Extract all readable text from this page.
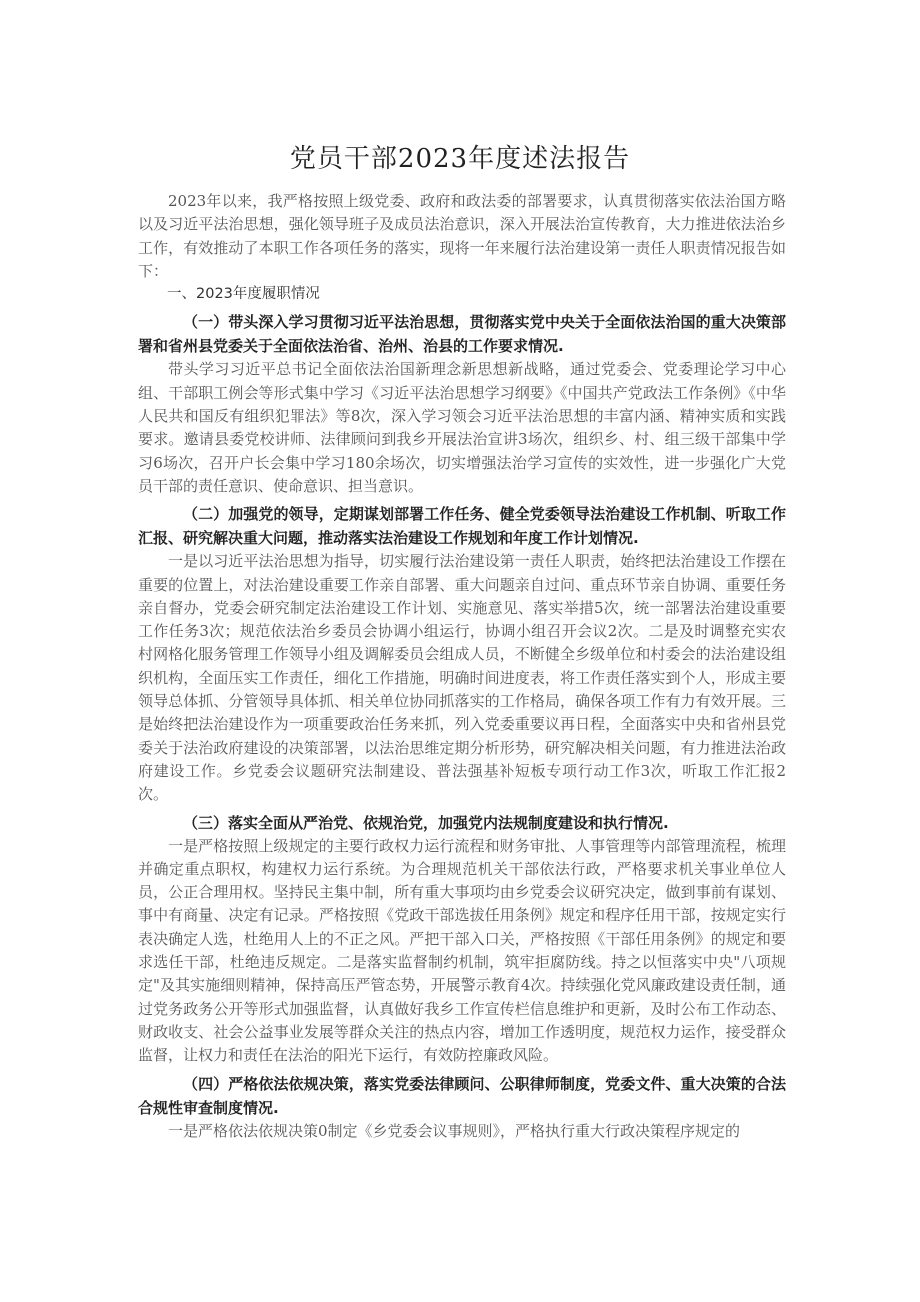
党员干部2023年度述法报告

2023年以来，我严格按照上级党委、政府和政法委的部署要求，认真贯彻落实依法治国方略以及习近平法治思想，强化领导班子及成员法治意识，深入开展法治宣传教育，大力推进依法治乡工作，有效推动了本职工作各项任务的落实，现将一年来履行法治建设第一责任人职责情况报告如下：

一、2023年度履职情况

（一）带头深入学习贯彻习近平法治思想，贯彻落实党中央关于全面依法治国的重大决策部署和省州县党委关于全面依法治省、治州、治县的工作要求情况.

带头学习习近平总书记全面依法治国新理念新思想新战略，通过党委会、党委理论学习中心组、干部职工例会等形式集中学习《习近平法治思想学习纲要》《中国共产党政法工作条例》《中华人民共和国反有组织犯罪法》等8次，深入学习领会习近平法治思想的丰富内涵、精神实质和实践要求。邀请县委党校讲师、法律顾问到我乡开展法治宣讲3场次，组织乡、村、组三级干部集中学习6场次，召开户长会集中学习180余场次，切实增强法治学习宣传的实效性，进一步强化广大党员干部的责任意识、使命意识、担当意识。

（二）加强党的领导，定期谋划部署工作任务、健全党委领导法治建设工作机制、听取工作汇报、研究解决重大问题，推动落实法治建设工作规划和年度工作计划情况.

一是以习近平法治思想为指导，切实履行法治建设第一责任人职责，始终把法治建设工作摆在重要的位置上，对法治建设重要工作亲自部署、重大问题亲自过问、重点环节亲自协调、重要任务亲自督办，党委会研究制定法治建设工作计划、实施意见、落实举措5次，统一部署法治建设重要工作任务3次；规范依法治乡委员会协调小组运行，协调小组召开会议2次。二是及时调整充实农村网格化服务管理工作领导小组及调解委员会组成人员，不断健全乡级单位和村委会的法治建设组织机构，全面压实工作责任，细化工作措施，明确时间进度表，将工作责任落实到个人，形成主要领导总体抓、分管领导具体抓、相关单位协同抓落实的工作格局，确保各项工作有力有效开展。三是始终把法治建设作为一项重要政治任务来抓，列入党委重要议再日程，全面落实中央和省州县党委关于法治政府建设的决策部署，以法治思维定期分析形势，研究解决相关问题，有力推进法治政府建设工作。乡党委会议题研究法制建设、普法强基补短板专项行动工作3次，听取工作汇报2次。

（三）落实全面从严治党、依规治党，加强党内法规制度建设和执行情况.

一是严格按照上级规定的主要行政权力运行流程和财务审批、人事管理等内部管理流程，梳理并确定重点职权，构建权力运行系统。为合理规范机关干部依法行政，严格要求机关事业单位人员，公正合理用权。坚持民主集中制，所有重大事项均由乡党委会议研究决定，做到事前有谋划、事中有商量、决定有记录。严格按照《党政干部选拔任用条例》规定和程序任用干部，按规定实行表决确定人选，杜绝用人上的不正之风。严把干部入口关，严格按照《干部任用条例》的规定和要求选任干部，杜绝违反规定。二是落实监督制约机制，筑牢拒腐防线。持之以恒落实中央"八项规定"及其实施细则精神，保持高压严管态势，开展警示教育4次。持续强化党风廉政建设责任制，通过党务政务公开等形式加强监督，认真做好我乡工作宣传栏信息维护和更新，及时公布工作动态、财政收支、社会公益事业发展等群众关注的热点内容，增加工作透明度，规范权力运作，接受群众监督，让权力和责任在法治的阳光下运行，有效防控廉政风险。

（四）严格依法依规决策，落实党委法律顾问、公职律师制度，党委文件、重大决策的合法合规性审查制度情况.

一是严格依法依规决策0制定《乡党委会议事规则》，严格执行重大行政决策程序规定的
